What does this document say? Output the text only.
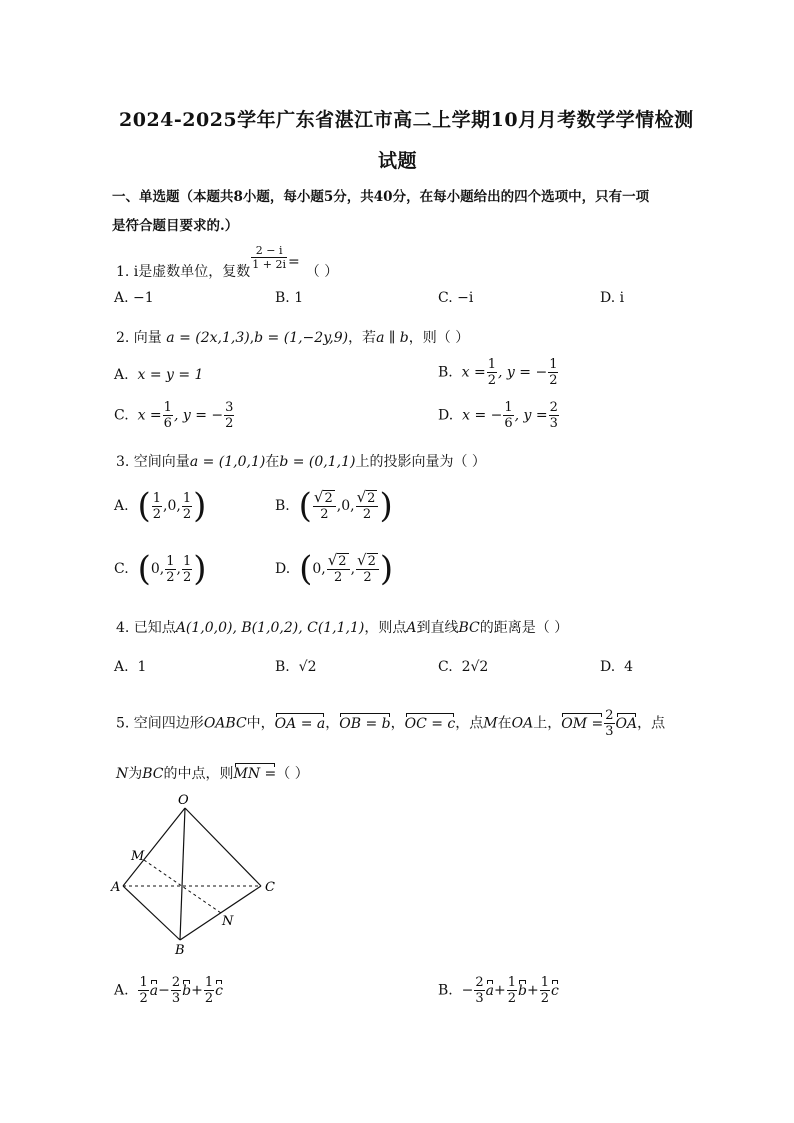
2024-2025学年广东省湛江市高二上学期10月月考数学学情检测
试题
一、单选题（本题共8小题，每小题5分，共40分，在每小题给出的四个选项中，只有一项
是符合题目要求的.）
1. i是虚数单位，复数
$\frac{2 - i}{1 + 2i}$ =（ ）
A. −1	B. 1	C. −i	D. i
2. 向量 a = (2x,1,3),b = (1,−2y,9)，若a ∥ b，则（ ）
A. x = y = 1	B. $x = \frac{1}{2}$ , y = − $\frac{1}{2}$
C. $x = \frac{1}{6}$ , y = − $\frac{3}{2}$	D. x = − $\frac{1}{6}$ , $y = \frac{2}{3}$
3. 空间向量a = (1,0,1)在b = (0,1,1)上的投影向量为（ ）
A. ( $\frac{1}{2} ,0$, $\frac{1}{2}$ )	B. ( $\frac{√2}{2} ,0$, $\frac{√2}{2}$ )
C. (0, $\frac{1}{2}$ , $\frac{1}{2}$ )	D. (0, $\frac{√2}{2}$ , $\frac{√2}{2}$ )
4. 已知点A(1,0,0), B(1,0,2), C(1,1,1)，则点A到直线BC的距离是（ ）
A. 1	B. √2	C. 2√2	D. 4
5. 空间四边形OABC中，OA = a，OB = b，OC = c，点M在OA上，OM = $\frac{2}{3}$ OA，点
N为BC的中点，则MN =（ ）
O
M
A	C
N
B
A. $\frac{1}{2} a- \frac{2}{3} b+ \frac{1}{2}$ c	B. − $\frac{2}{3} a+ \frac{1}{2} b+ \frac{1}{2}$ c
